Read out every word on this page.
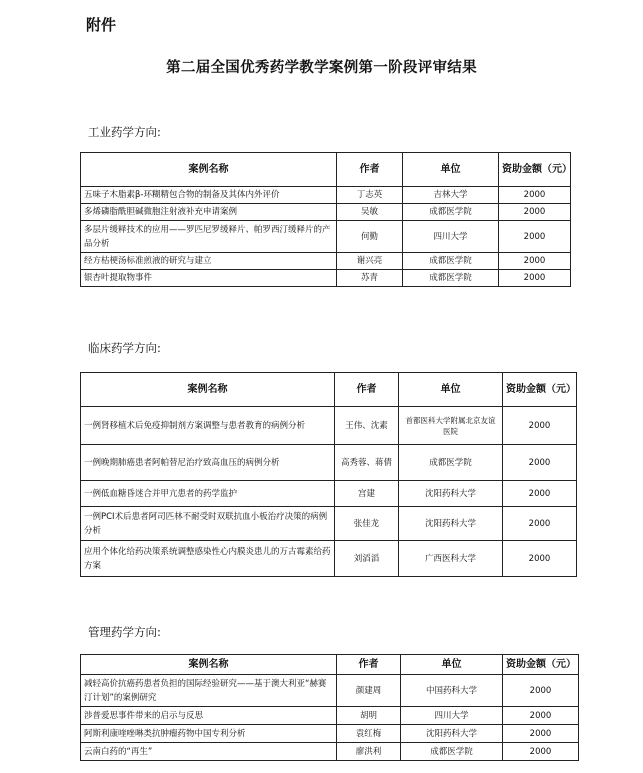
附件
第二届全国优秀药学教学案例第一阶段评审结果
工业药学方向:
案例名称	作者	单位	资助金额（元）
五味子木脂素β-环糊精包合物的制备及其体内外评价	丁志英	吉林大学	2000
多烯磷脂酰胆碱微胞注射液补充申请案例	吴敏	成都医学院	2000
多层片缓释技术的应用——罗匹尼罗缓释片、帕罗西汀缓释片的产品分析	何勤	四川大学	2000
经方枯梗汤标准煎液的研究与建立	谢兴亮	成都医学院	2000
银杏叶提取物事件	苏青	成都医学院	2000
临床药学方向:
案例名称	作者	单位	资助金额（元）
一例肾移植术后免疫抑制剂方案调整与患者教育的病例分析	王伟、沈素	首都医科大学附属北京友谊医院	2000
一例晚期肺癌患者阿帕替尼治疗致高血压的病例分析	高秀蓉、蒋倩	成都医学院	2000
一例低血糖昏迷合并甲亢患者的药学监护	宫建	沈阳药科大学	2000
一例PCI术后患者阿司匹林不耐受时双联抗血小板治疗决策的病例分析	张佳龙	沈阳药科大学	2000
应用个体化给药决策系统调整感染性心内膜炎患儿的万古霉素给药方案	刘滔滔	广西医科大学	2000
管理药学方向:
案例名称	作者	单位	资助金额（元）
减轻高价抗癌药患者负担的国际经验研究——基于澳大利亚“赫赛汀计划”的案例研究	颜建周	中国药科大学	2000
渉普爱思事件带来的启示与反思	胡明	四川大学	2000
阿斯利康喹唑啉类抗肿瘤药物中国专利分析	袁红梅	沈阳药科大学	2000
云南白药的“再生”	廖洪利	成都医学院	2000
